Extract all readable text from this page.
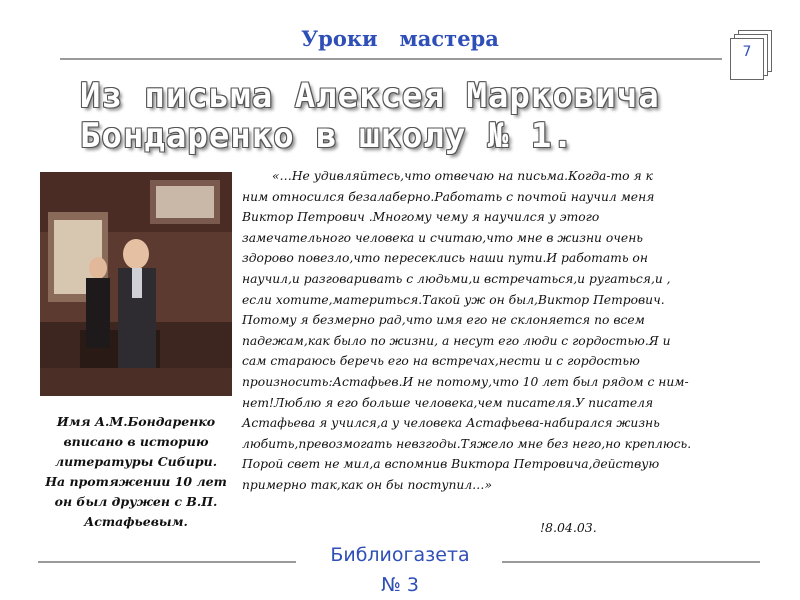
Уроки   мастера
7
Из письма Алексея Марковича
Бондаренко в школу № 1.
Имя А.М.Бондаренко
вписано в историю
литературы Сибири.
На протяжении 10 лет
он был дружен с В.П.
Астафьевым.
«…Не удивляйтесь,что отвечаю на письма.Когда-то я к
ним относился безалаберно.Работать с почтой научил меня
Виктор Петрович .Многому чему я научился у этого
замечательного человека и считаю,что мне в жизни очень
здорово повезло,что пересеклись наши пути.И работать он
научил,и разговаривать с людьми,и встречаться,и ругаться,и ,
если хотите,материться.Такой уж он был,Виктор Петрович.
Потому я безмерно рад,что имя его не склоняется по всем
падежам,как было по жизни, а несут его люди с гордостью.Я и
сам стараюсь беречь его на встречах,нести и с гордостью
произносить:Астафьев.И не потому,что 10 лет был рядом с ним-
нет!Люблю я его больше человека,чем писателя.У писателя
Астафьева я учился,а у человека Астафьева-набирался жизнь
любить,превозмогать невзгоды.Тяжело мне без него,но креплюсь.
Порой свет не мил,а вспомнив Виктора Петровича,действую
примерно так,как он бы поступил…»
!8.04.03.
Библиогазета
№ 3
